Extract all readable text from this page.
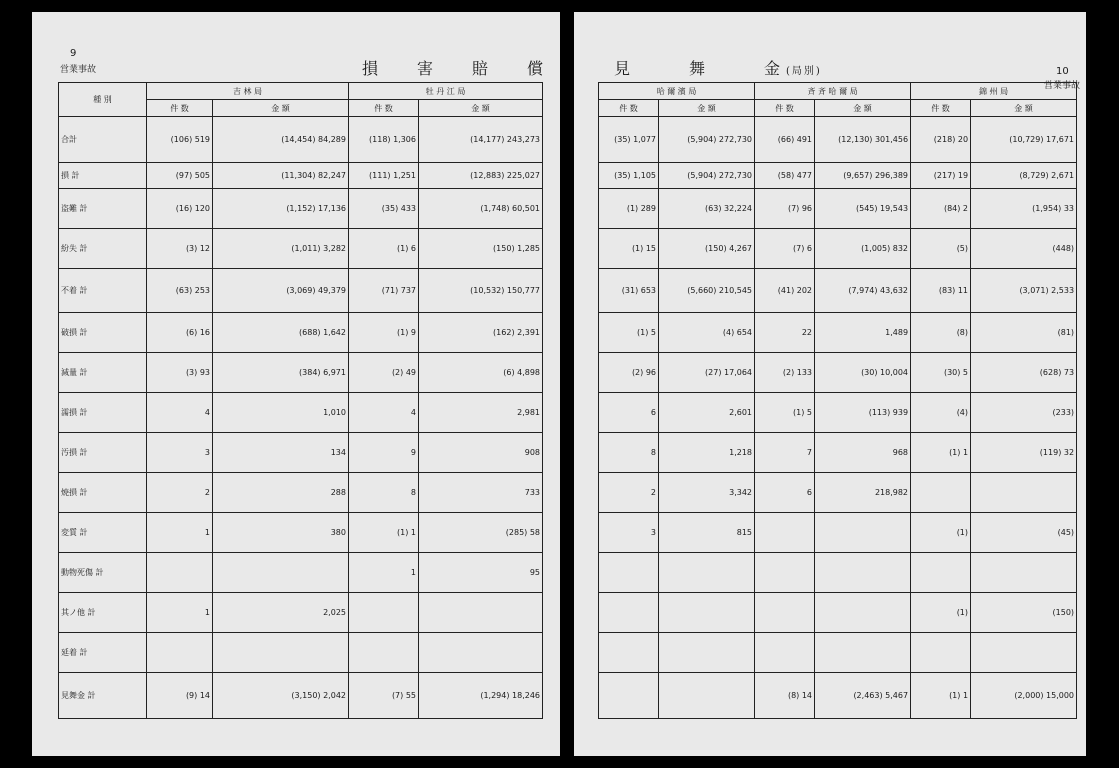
9
営業事故	損 害 賠 償
種 別	吉 林 局		牡 丹 江 局	
	件 数	金 額	件 数	金 額
合計	(106) 519	(14,454) 84,289	(118) 1,306	(14,177) 243,273
損 計	(97) 505	(11,304) 82,247	(111) 1,251	(12,883) 225,027
盗難 計	(16) 120	(1,152) 17,136	(35) 433	(1,748) 60,501
紛失 計	(3) 12	(1,011) 3,282	(1) 6	(150) 1,285
不着 計	(63) 253	(3,069) 49,379	(71) 737	(10,532) 150,777
破損 計	(6) 16	(688) 1,642	(1) 9	(162) 2,391
減量 計	(3) 93	(384) 6,971	(2) 49	(6) 4,898
濡損 計	4	1,010	4	2,981
汚損 計	3	134	9	908
焼損 計	2	288	8	733
変質 計	1	380	(1) 1	(285) 58
動物死傷 計			1	95
其ノ他 計	1	2,025		
延着 計				
見舞金 計	(9) 14	(3,150) 2,042	(7) 55	(1,294) 18,246
見	舞	金 (局別)	10
営業事故
哈 爾 濱 局		斉 斉 哈 爾 局		錦 州 局	
件 数	金 額	件 数	金 額	件 数	金 額
(35) 1,077	(5,904) 272,730	(66) 491	(12,130) 301,456	(218) 20	(10,729) 17,671
(35) 1,105	(5,904) 272,730	(58) 477	(9,657) 296,389	(217) 19	(8,729) 2,671
(1) 289	(63) 32,224	(7) 96	(545) 19,543	(84) 2	(1,954) 33
(1) 15	(150) 4,267	(7) 6	(1,005) 832	(5)	(448)
(31) 653	(5,660) 210,545	(41) 202	(7,974) 43,632	(83) 11	(3,071) 2,533
(1) 5	(4) 654	22	1,489	(8)	(81)
(2) 96	(27) 17,064	(2) 133	(30) 10,004	(30) 5	(628) 73
6	2,601	(1) 5	(113) 939	(4)	(233)
8	1,218	7	968	(1) 1	(119) 32
2	3,342	6	218,982		
3	815			(1)	(45)

				(1)	(150)

		(8) 14	(2,463) 5,467	(1) 1	(2,000) 15,000
